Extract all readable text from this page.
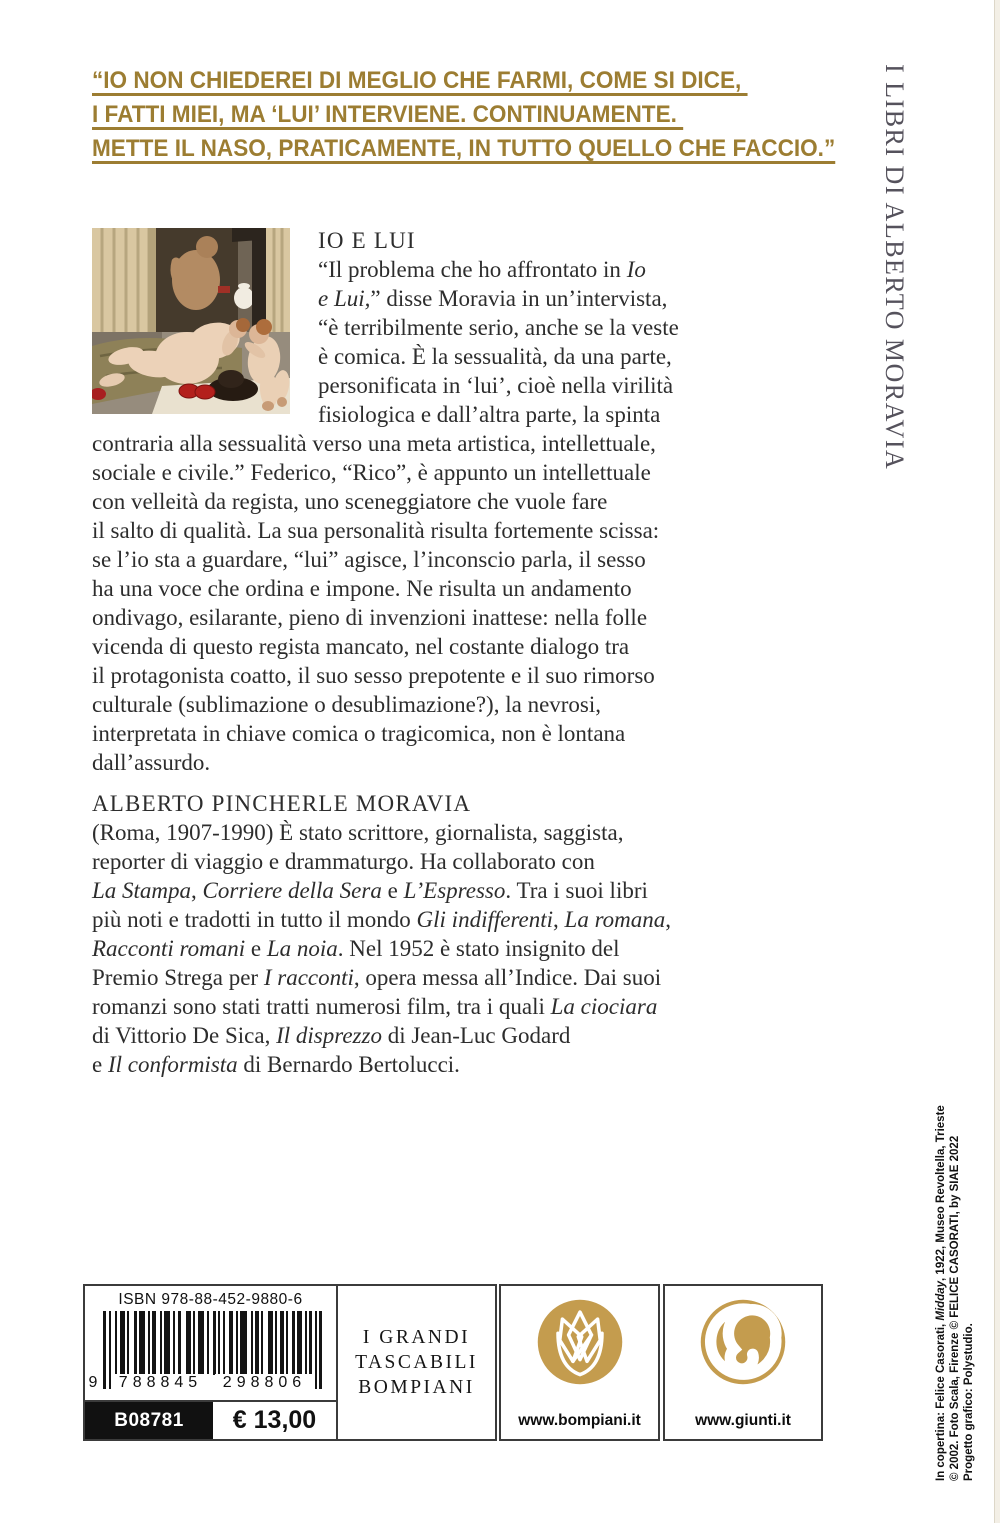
“IO NON CHIEDEREI DI MEGLIO CHE FARMI, COME SI DICE,
I FATTI MIEI, MA ‘LUI’ INTERVIENE. CONTINUAMENTE.
METTE IL NASO, PRATICAMENTE, IN TUTTO QUELLO CHE FACCIO.” I LIBRI DI ALBERTO MORAVIA
IO E LUI
“Il problema che ho affrontato in Io
e Lui,” disse Moravia in un’intervista,
“è terribilmente serio, anche se la veste
è comica. È la sessualità, da una parte,
personificata in ‘lui’, cioè nella virilità
fisiologica e dall’altra parte, la spinta
contraria alla sessualità verso una meta artistica, intellettuale,
sociale e civile.” Federico, “Rico”, è appunto un intellettuale
con velleità da regista, uno sceneggiatore che vuole fare
il salto di qualità. La sua personalità risulta fortemente scissa:
se l’io sta a guardare, “lui” agisce, l’inconscio parla, il sesso
ha una voce che ordina e impone. Ne risulta un andamento
ondivago, esilarante, pieno di invenzioni inattese: nella folle
vicenda di questo regista mancato, nel costante dialogo tra
il protagonista coatto, il suo sesso prepotente e il suo rimorso
culturale (sublimazione o desublimazione?), la nevrosi,
interpretata in chiave comica o tragicomica, non è lontana
dall’assurdo.
ALBERTO PINCHERLE MORAVIA
(Roma, 1907-1990) È stato scrittore, giornalista, saggista,
reporter di viaggio e drammaturgo. Ha collaborato con
La Stampa, Corriere della Sera e L’Espresso. Tra i suoi libri
più noti e tradotti in tutto il mondo Gli indifferenti, La romana,
Racconti romani e La noia. Nel 1952 è stato insignito del
Premio Strega per I racconti, opera messa all’Indice. Dai suoi
romanzi sono stati tratti numerosi film, tra i quali La ciociara
di Vittorio De Sica, Il disprezzo di Jean-Luc Godard
e Il conformista di Bernardo Bertolucci.
ISBN 978-88-452-9880-6
9	788845	298806
B08781	€ 13,00
I GRANDI
TASCABILI
BOMPIANI
www.bompiani.it	www.giunti.it	In copertina: Felice Casorati, Midday, 1922, Museo Revoltella, Trieste © 2002. Foto Scala, Firenze © FELICE CASORATI, by SIAE 2022 Progetto grafico: Polystudio.
